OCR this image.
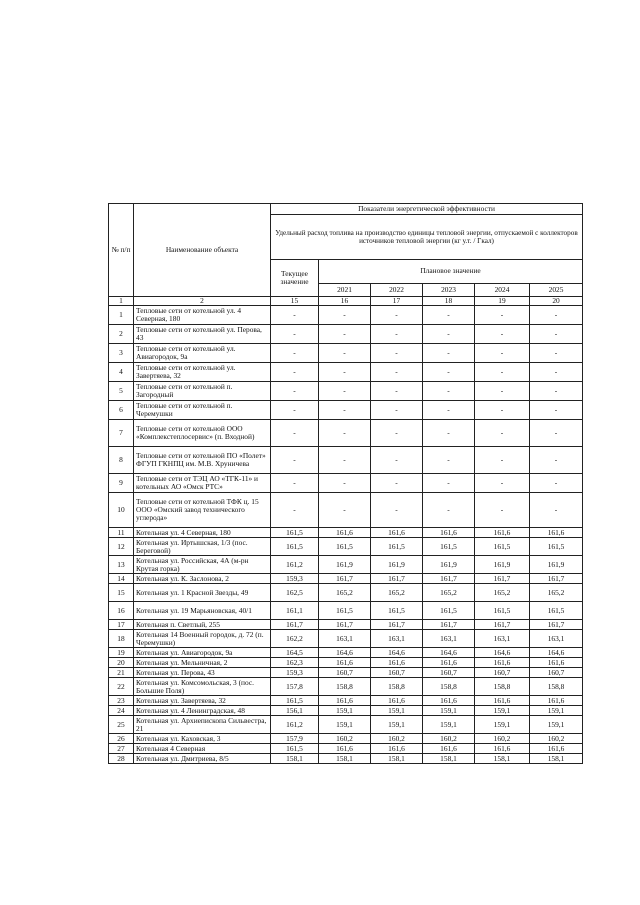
№ п/п	Наименование объекта	Показатели энергетической эффективности					
		Удельный расход топлива на производство единицы тепловой энергии, отпускаемой с коллекторов источников тепловой энергии (кг у.т. / Гкал)					
		Текущее значение	Плановое значение				
			2021	2022	2023	2024	2025
1	2	15	16	17	18	19	20
1	Тепловые сети от котельной ул. 4 Северная, 180	-	-	-	-	-	-
2	Тепловые сети от котельной ул. Перова, 43	-	-	-	-	-	-
3	Тепловые сети от котельной ул. Авиагородок, 9а	-	-	-	-	-	-
4	Тепловые сети от котельной ул. Завертяева, 32	-	-	-	-	-	-
5	Тепловые сети от котельной п. Загородный	-	-	-	-	-	-
6	Тепловые сети от котельной п. Черемушки	-	-	-	-	-	-
7	Тепловые сети от котельной ООО «Комплекстеплосервис» (п. Входной)	-	-	-	-	-	-
8	Тепловые сети от котельной ПО «Полет» ФГУП ГКНПЦ им. М.В. Хруничева	-	-	-	-	-	-
9	Тепловые сети от ТЭЦ АО «ТГК-11» и котельных АО «Омск РТС»	-	-	-	-	-	-
10	Тепловые сети от котельной ТФК ц. 15 ООО «Омский завод технического углерода»	-	-	-	-	-	-
11	Котельная ул. 4 Северная, 180	161,5	161,6	161,6	161,6	161,6	161,6
12	Котельная ул. Иртышская, 1/3 (пос. Береговой)	161,5	161,5	161,5	161,5	161,5	161,5
13	Котельная ул. Российская, 4А (м-рн Крутая горка)	161,2	161,9	161,9	161,9	161,9	161,9
14	Котельная ул. К. Заслонова, 2	159,3	161,7	161,7	161,7	161,7	161,7
15	Котельная ул. 1 Красной Звезды, 49	162,5	165,2	165,2	165,2	165,2	165,2
16	Котельная ул. 19 Марьяновская, 40/1	161,1	161,5	161,5	161,5	161,5	161,5
17	Котельная п. Светлый, 255	161,7	161,7	161,7	161,7	161,7	161,7
18	Котельная 14 Военный городок, д. 72 (п. Черемушки)	162,2	163,1	163,1	163,1	163,1	163,1
19	Котельная ул. Авиагородок, 9а	164,5	164,6	164,6	164,6	164,6	164,6
20	Котельная ул. Мельничная, 2	162,3	161,6	161,6	161,6	161,6	161,6
21	Котельная ул. Перова, 43	159,3	160,7	160,7	160,7	160,7	160,7
22	Котельная ул. Комсомольская, 3 (пос. Большие Поля)	157,8	158,8	158,8	158,8	158,8	158,8
23	Котельная ул. Завертяева, 32	161,5	161,6	161,6	161,6	161,6	161,6
24	Котельная ул. 4 Ленинградская, 48	156,1	159,1	159,1	159,1	159,1	159,1
25	Котельная ул. Архиепископа Сильвестра, 21	161,2	159,1	159,1	159,1	159,1	159,1
26	Котельная ул. Каховская, 3	157,9	160,2	160,2	160,2	160,2	160,2
27	Котельная 4 Северная	161,5	161,6	161,6	161,6	161,6	161,6
28	Котельная ул. Дмитриева, 8/5	158,1	158,1	158,1	158,1	158,1	158,1
